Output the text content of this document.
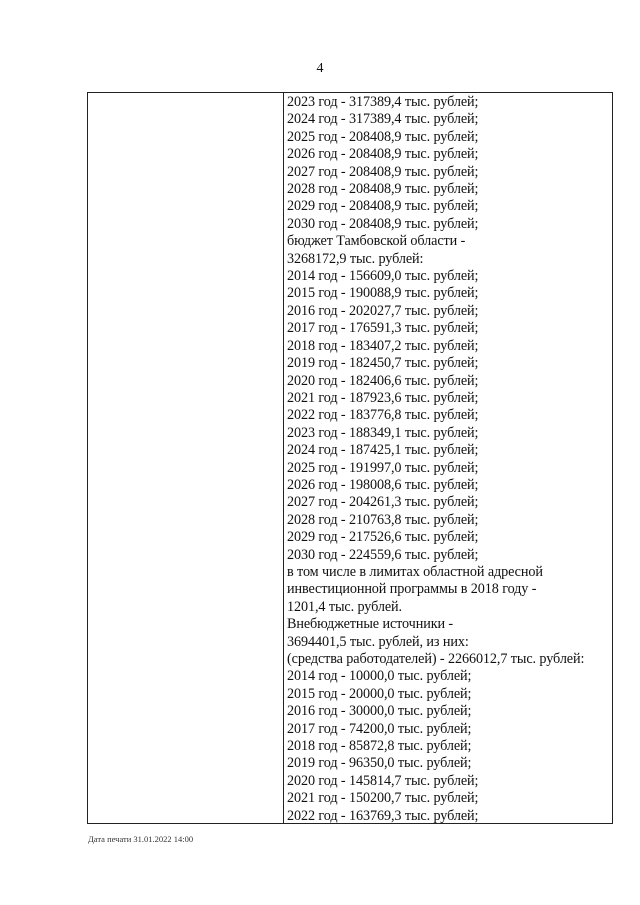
4
2023 год - 317389,4 тыс. рублей;
2024 год - 317389,4 тыс. рублей;
2025 год - 208408,9 тыс. рублей;
2026 год - 208408,9 тыс. рублей;
2027 год - 208408,9 тыс. рублей;
2028 год - 208408,9 тыс. рублей;
2029 год - 208408,9 тыс. рублей;
2030 год - 208408,9 тыс. рублей;
бюджет Тамбовской области -
3268172,9 тыс. рублей:
2014 год - 156609,0 тыс. рублей;
2015 год - 190088,9 тыс. рублей;
2016 год - 202027,7 тыс. рублей;
2017 год - 176591,3 тыс. рублей;
2018 год - 183407,2 тыс. рублей;
2019 год - 182450,7 тыс. рублей;
2020 год - 182406,6 тыс. рублей;
2021 год - 187923,6 тыс. рублей;
2022 год - 183776,8 тыс. рублей;
2023 год - 188349,1 тыс. рублей;
2024 год - 187425,1 тыс. рублей;
2025 год - 191997,0 тыс. рублей;
2026 год - 198008,6 тыс. рублей;
2027 год - 204261,3 тыс. рублей;
2028 год - 210763,8 тыс. рублей;
2029 год - 217526,6 тыс. рублей;
2030 год - 224559,6 тыс. рублей;
в том числе в лимитах областной адресной
инвестиционной программы в 2018 году -
1201,4 тыс. рублей.
Внебюджетные источники -
3694401,5 тыс. рублей, из них:
(средства работодателей) - 2266012,7 тыс. рублей:
2014 год - 10000,0 тыс. рублей;
2015 год - 20000,0 тыс. рублей;
2016 год - 30000,0 тыс. рублей;
2017 год - 74200,0 тыс. рублей;
2018 год - 85872,8 тыс. рублей;
2019 год - 96350,0 тыс. рублей;
2020 год - 145814,7 тыс. рублей;
2021 год - 150200,7 тыс. рублей;
2022 год - 163769,3 тыс. рублей;
Дата печати 31.01.2022 14:00
